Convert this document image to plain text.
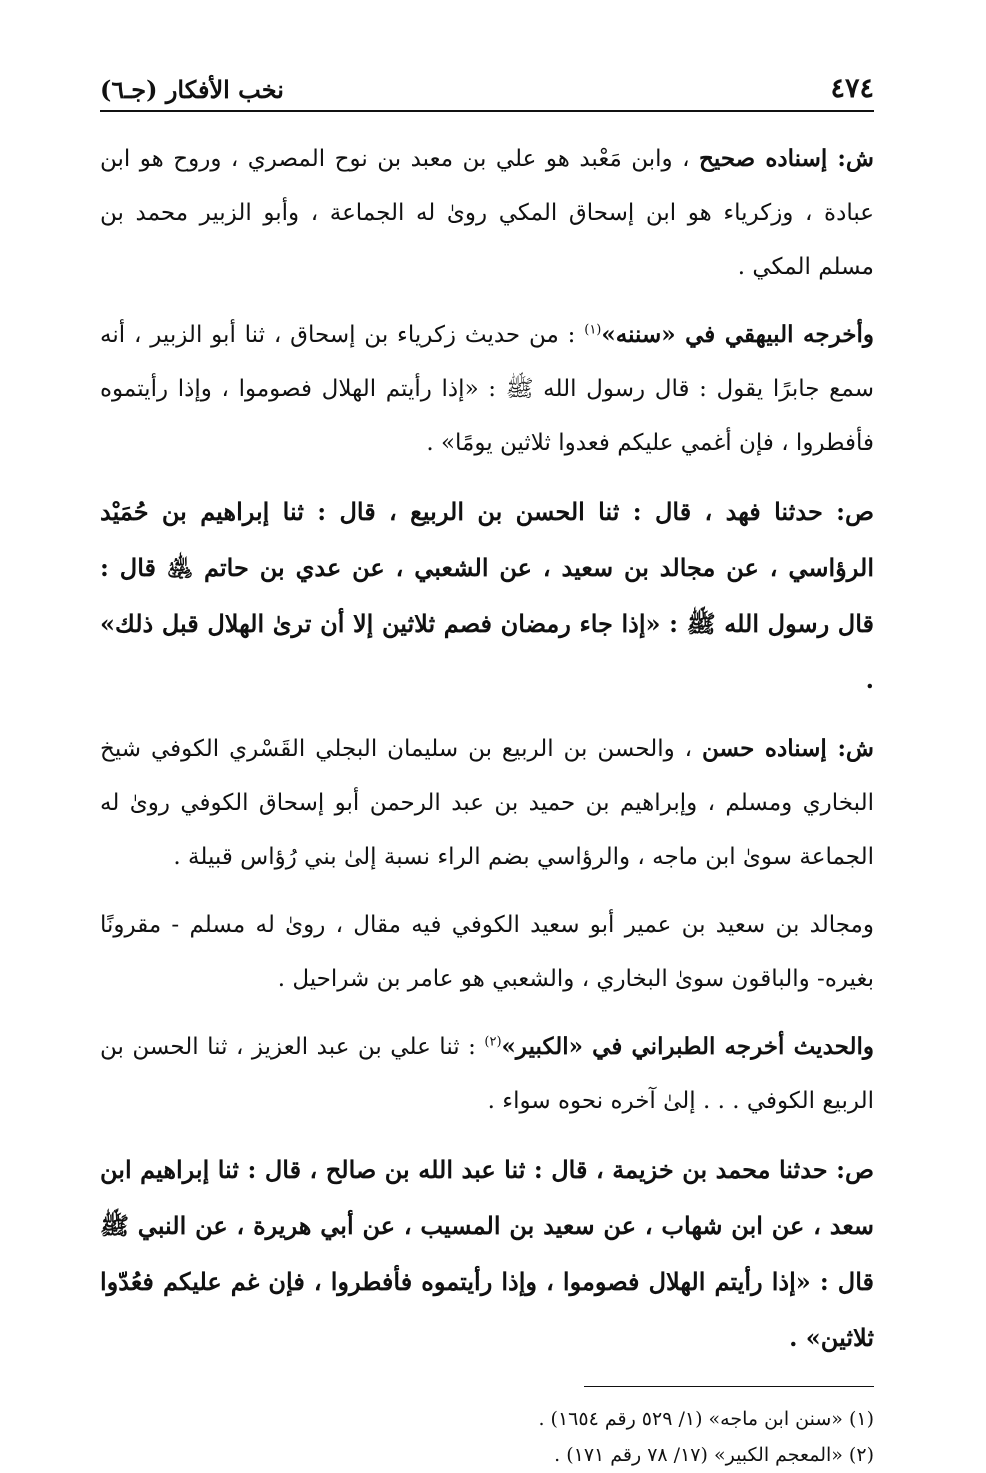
٤٧٤
نخب الأفكار (جـ٦)

ش: إسناده صحيح ، وابن مَعْبد هو علي بن معبد بن نوح المصري ، وروح هو ابن عبادة ، وزكرياء هو ابن إسحاق المكي روىٰ له الجماعة ، وأبو الزبير محمد بن مسلم المكي .

وأخرجه البيهقي في «سننه»$^{(١)}$ : من حديث زكرياء بن إسحاق ، ثنا أبو الزبير ، أنه سمع جابرًا يقول : قال رسول الله ﷺ : «إذا رأيتم الهلال فصوموا ، وإذا رأيتموه فأفطروا ، فإن أغمي عليكم فعدوا ثلاثين يومًا» .

ص: حدثنا فهد ، قال : ثنا الحسن بن الربيع ، قال : ثنا إبراهيم بن حُمَيْد الرؤاسي ، عن مجالد بن سعيد ، عن الشعبي ، عن عدي بن حاتم ﵁ قال : قال رسول الله ﷺ : «إذا جاء رمضان فصم ثلاثين إلا أن ترىٰ الهلال قبل ذلك» .

ش: إسناده حسن ، والحسن بن الربيع بن سليمان البجلي القَسْري الكوفي شيخ البخاري ومسلم ، وإبراهيم بن حميد بن عبد الرحمن أبو إسحاق الكوفي روىٰ له الجماعة سوىٰ ابن ماجه ، والرؤاسي بضم الراء نسبة إلىٰ بني رُؤاس قبيلة .

ومجالد بن سعيد بن عمير أبو سعيد الكوفي فيه مقال ، روىٰ له مسلم - مقرونًا بغيره- والباقون سوىٰ البخاري ، والشعبي هو عامر بن شراحيل .

والحديث أخرجه الطبراني في «الكبير»$^{(٢)}$ : ثنا علي بن عبد العزيز ، ثنا الحسن بن الربيع الكوفي . . . إلىٰ آخره نحوه سواء .

ص: حدثنا محمد بن خزيمة ، قال : ثنا عبد الله بن صالح ، قال : ثنا إبراهيم ابن سعد ، عن ابن شهاب ، عن سعيد بن المسيب ، عن أبي هريرة ، عن النبي ﷺ قال : «إذا رأيتم الهلال فصوموا ، وإذا رأيتموه فأفطروا ، فإن غم عليكم فعُدّوا ثلاثين» .

(١) «سنن ابن ماجه» (١/ ٥٢٩ رقم ١٦٥٤) .

(٢) «المعجم الكبير» (١٧/ ٧٨ رقم ١٧١) .
